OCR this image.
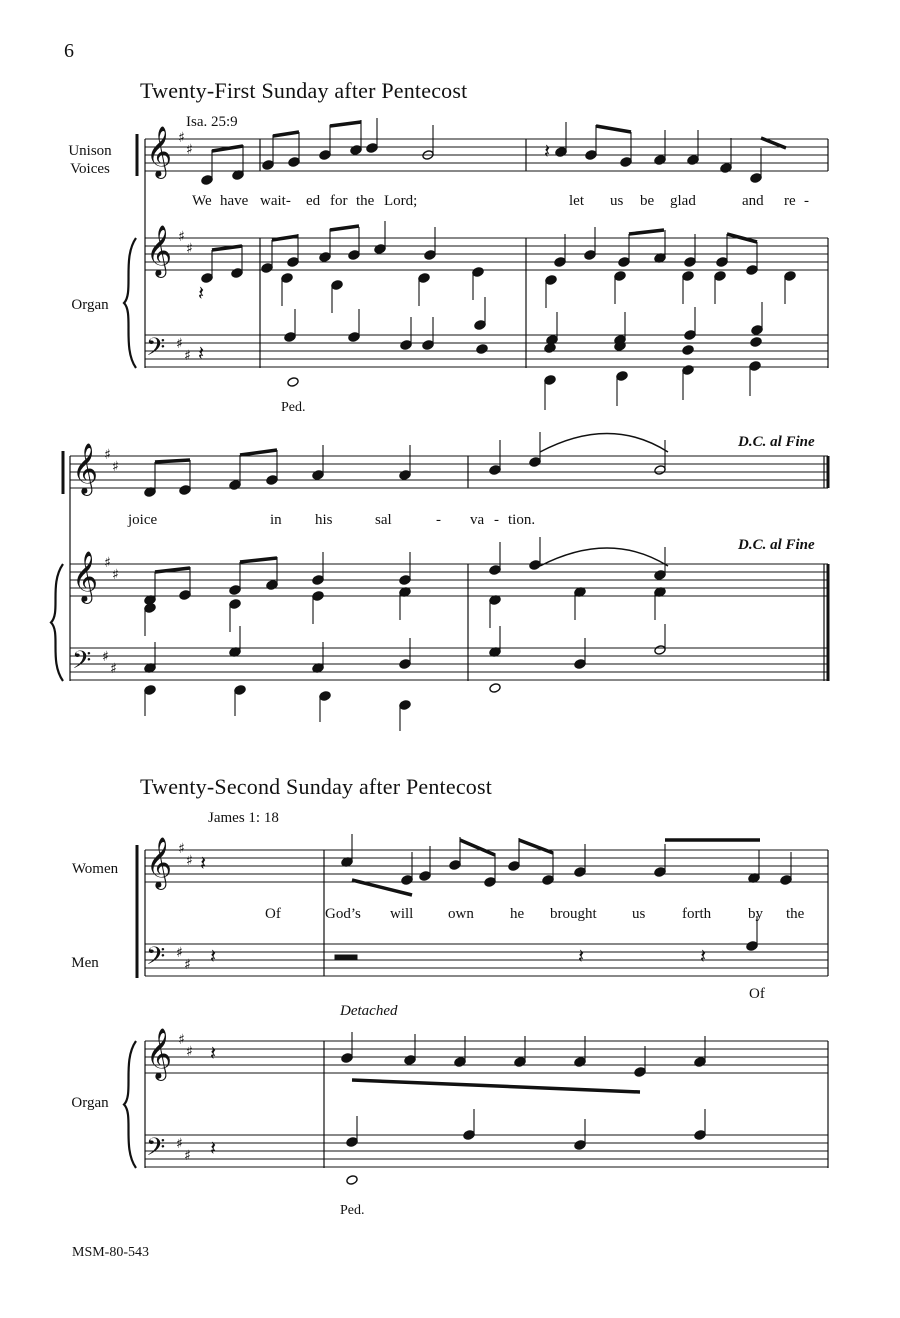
6
Twenty-First Sunday after Pentecost
Isa. 25:9
Unison
Voices
Organ
Ped.
We have wait- ed for the Lord;	let us be glad	and re -
joice	in his	sal	- va - tion.
D.C. al Fine
D.C. al Fine
Twenty-Second Sunday after Pentecost
James 1: 18
Women
Men
Organ
Detached
Ped.
Of	God’s	own he brought us forth by the
will
Of
MSM-80-543
𝄞 ♯
♯
𝄞 ♯
♯
𝄢 ♯
♯
𝄽
𝄽
𝄽
𝄞 ♯
♯
𝄞 ♯
♯
𝄢 ♯
♯
𝄞 ♯
♯
𝄢 ♯
♯
𝄞 ♯
♯
𝄢 ♯
♯
𝄽
𝄽	𝄽	𝄽
𝄽
𝄽
